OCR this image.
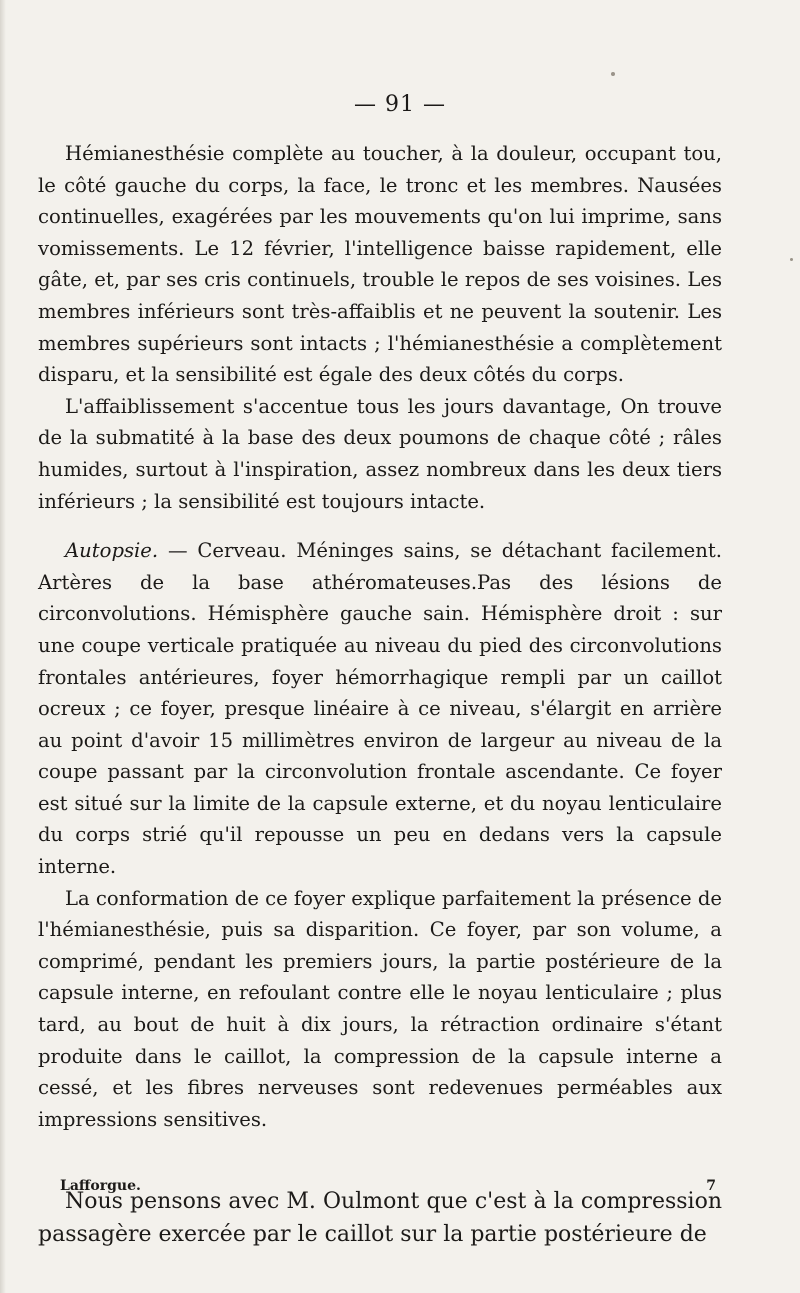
— 91 —

Hémianesthésie complète au toucher, à la douleur, occupant tou, le côté gauche du corps, la face, le tronc et les membres. Nausées continuelles, exagérées par les mouvements qu'on lui imprime, sans vomissements. Le 12 février, l'intelligence baisse rapidement, elle gâte, et, par ses cris continuels, trouble le repos de ses voisines. Les membres inférieurs sont très-affaiblis et ne peuvent la soutenir. Les membres supérieurs sont intacts ; l'hémianesthésie a complètement disparu, et la sensibilité est égale des deux côtés du corps.

L'affaiblissement s'accentue tous les jours davantage, On trouve de la submatité à la base des deux poumons de chaque côté ; râles humides, surtout à l'inspiration, assez nombreux dans les deux tiers inférieurs ; la sensibilité est toujours intacte.

Autopsie. — Cerveau. Méninges sains, se détachant facilement. Artères de la base athéromateuses.Pas des lésions de circonvolutions. Hémisphère gauche sain. Hémisphère droit : sur une coupe verticale pratiquée au niveau du pied des circonvolutions frontales antérieures, foyer hémorrhagique rempli par un caillot ocreux ; ce foyer, presque linéaire à ce niveau, s'élargit en arrière au point d'avoir 15 millimètres environ de largeur au niveau de la coupe passant par la circonvolution frontale ascendante. Ce foyer est situé sur la limite de la capsule externe, et du noyau lenticulaire du corps strié qu'il repousse un peu en dedans vers la capsule interne.

La conformation de ce foyer explique parfaitement la présence de l'hémianesthésie, puis sa disparition. Ce foyer, par son volume, a comprimé, pendant les premiers jours, la partie postérieure de la capsule interne, en refoulant contre elle le noyau lenticulaire ; plus tard, au bout de huit à dix jours, la rétraction ordinaire s'étant produite dans le caillot, la compression de la capsule interne a cessé, et les fibres nerveuses sont redevenues perméables aux impressions sensitives.

Nous pensons avec M. Oulmont que c'est à la compression passagère exercée par le caillot sur la partie postérieure de

Lafforgue.	7
